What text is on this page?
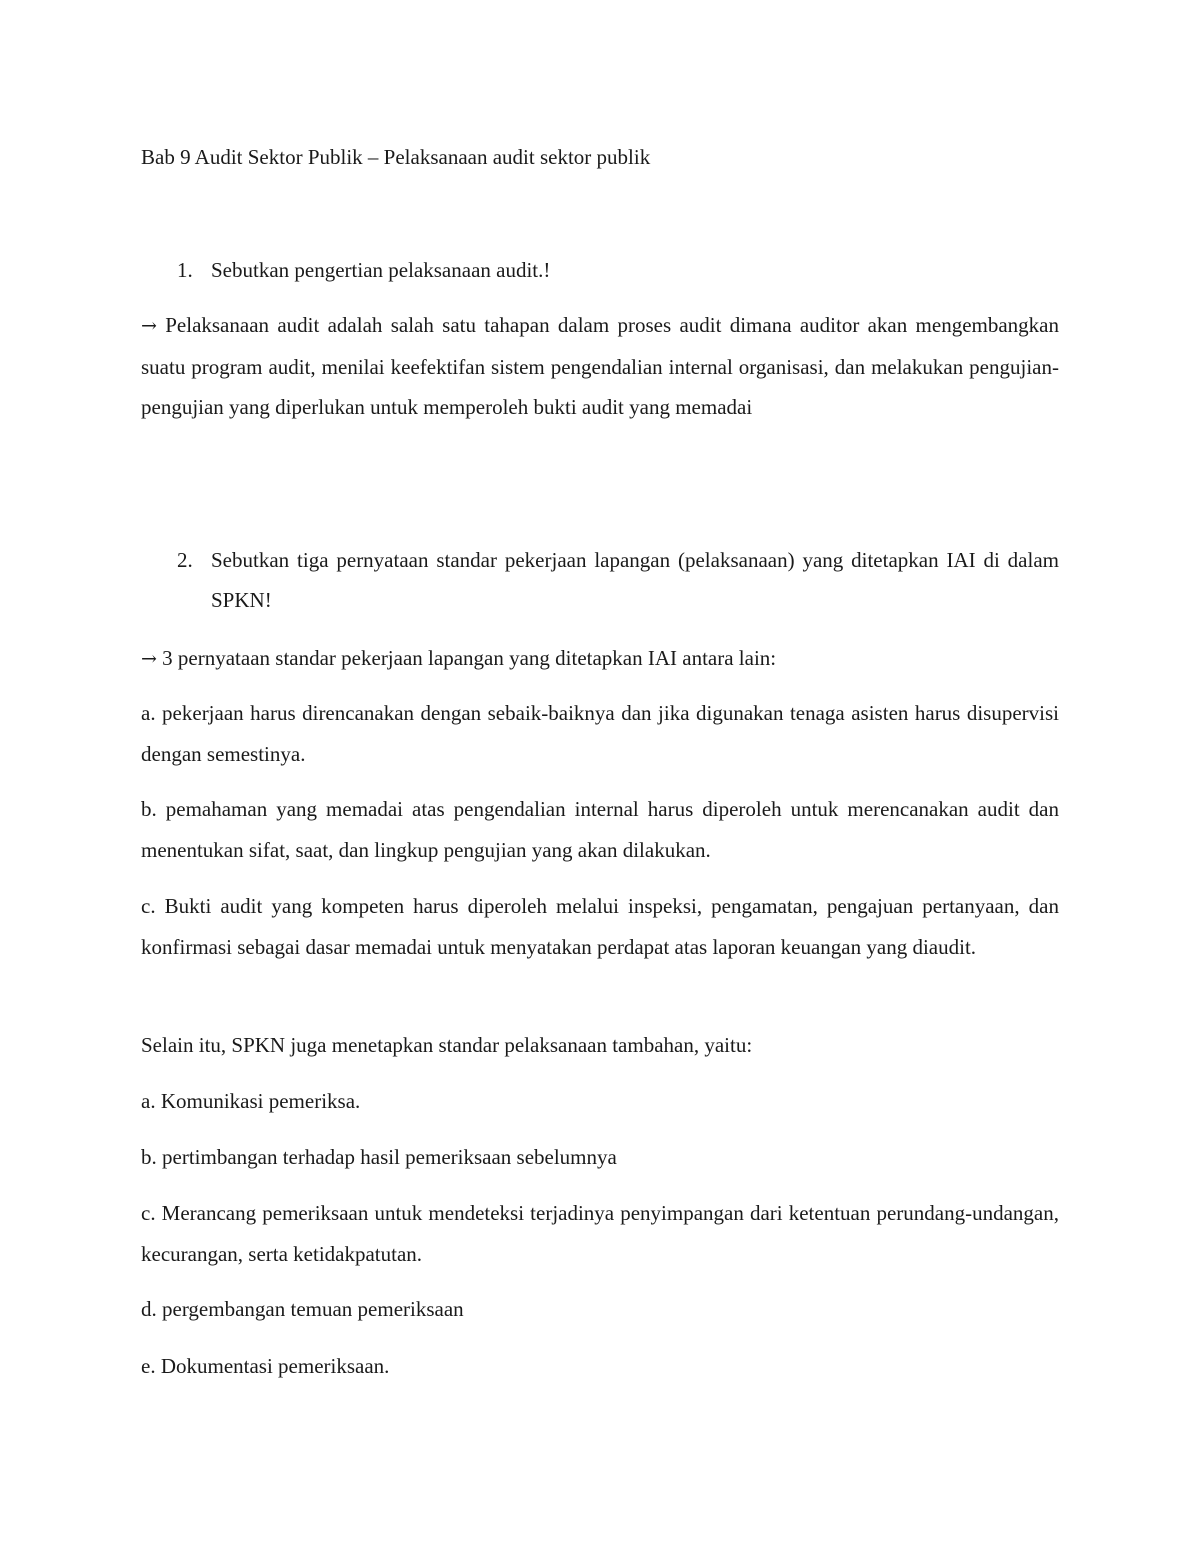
Bab 9 Audit Sektor Publik – Pelaksanaan audit sektor publik
1. Sebutkan pengertian pelaksanaan audit.!
→ Pelaksanaan audit adalah salah satu tahapan dalam proses audit dimana auditor akan mengembangkan suatu program audit, menilai keefektifan sistem pengendalian internal organisasi, dan melakukan pengujian-pengujian yang diperlukan untuk memperoleh bukti audit yang memadai
2. Sebutkan tiga pernyataan standar pekerjaan lapangan (pelaksanaan) yang ditetapkan IAI di dalam SPKN!
→ 3 pernyataan standar pekerjaan lapangan yang ditetapkan IAI antara lain:
a. pekerjaan harus direncanakan dengan sebaik-baiknya dan jika digunakan tenaga asisten harus disupervisi dengan semestinya.
b. pemahaman yang memadai atas pengendalian internal harus diperoleh untuk merencanakan audit dan menentukan sifat, saat, dan lingkup pengujian yang akan dilakukan.
c. Bukti audit yang kompeten harus diperoleh melalui inspeksi, pengamatan, pengajuan pertanyaan, dan konfirmasi sebagai dasar memadai untuk menyatakan perdapat atas laporan keuangan yang diaudit.
Selain itu, SPKN juga menetapkan standar pelaksanaan tambahan, yaitu:
a. Komunikasi pemeriksa.
b. pertimbangan terhadap hasil pemeriksaan sebelumnya
c. Merancang pemeriksaan untuk mendeteksi terjadinya penyimpangan dari ketentuan perundang-undangan, kecurangan, serta ketidakpatutan.
d. pergembangan temuan pemeriksaan
e. Dokumentasi pemeriksaan.
